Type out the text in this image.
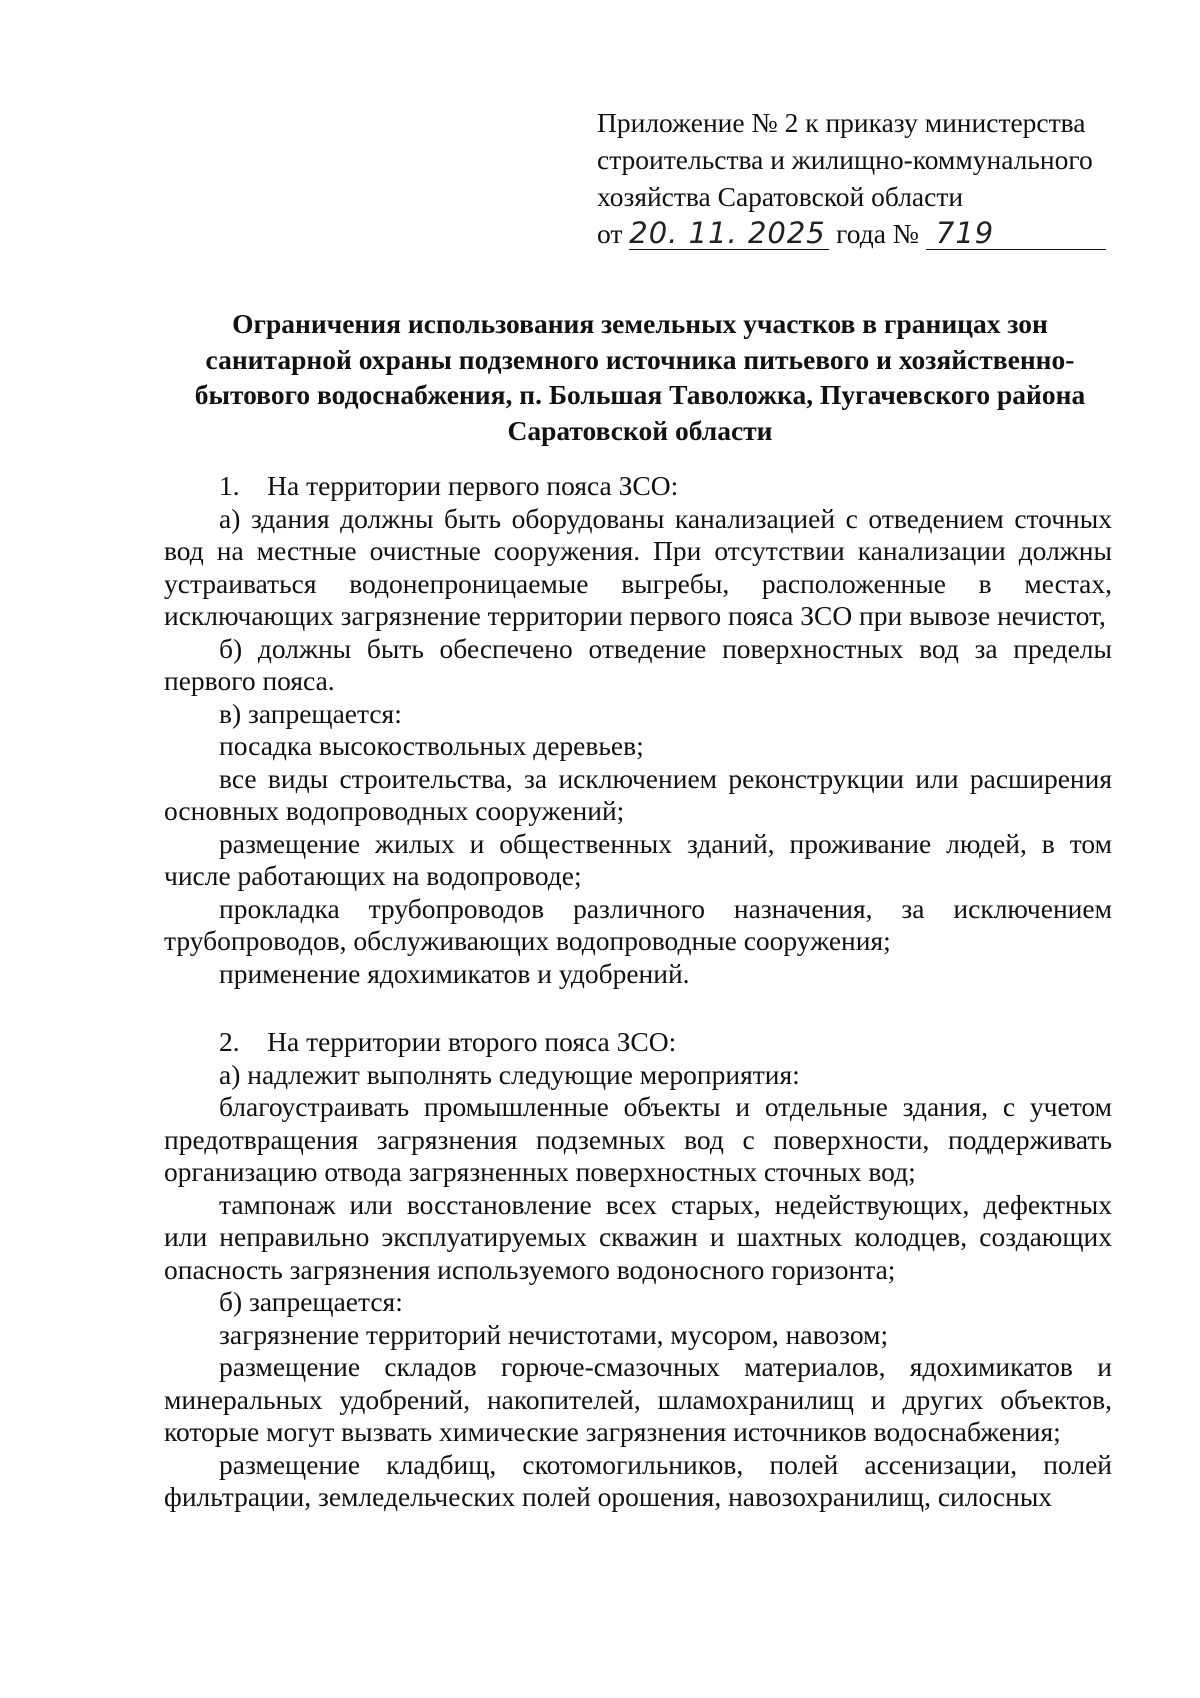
Приложение № 2 к приказу министерства
строительства и жилищно-коммунального
хозяйства Саратовской области
от 20. 11. 2025 года № 719
Ограничения использования земельных участков в границах зон
санитарной охраны подземного источника питьевого и хозяйственно-
бытового водоснабжения, п. Большая Таволожка, Пугачевского района
Саратовской области

1. На территории первого пояса ЗСО:

а) здания должны быть оборудованы канализацией с отведением сточных вод на местные очистные сооружения. При отсутствии канализации должны устраиваться водонепроницаемые выгребы, расположенные в местах, исключающих загрязнение территории первого пояса ЗСО при вывозе нечистот,

б) должны быть обеспечено отведение поверхностных вод за пределы первого пояса.

в) запрещается:

посадка высокоствольных деревьев;

все виды строительства, за исключением реконструкции или расширения основных водопроводных сооружений;

размещение жилых и общественных зданий, проживание людей, в том числе работающих на водопроводе;

прокладка трубопроводов различного назначения, за исключением трубопроводов, обслуживающих водопроводные сооружения;

применение ядохимикатов и удобрений.

2. На территории второго пояса ЗСО:

а) надлежит выполнять следующие мероприятия:

благоустраивать промышленные объекты и отдельные здания, с учетом предотвращения загрязнения подземных вод с поверхности, поддерживать организацию отвода загрязненных поверхностных сточных вод;

тампонаж или восстановление всех старых, недействующих, дефектных или неправильно эксплуатируемых скважин и шахтных колодцев, создающих опасность загрязнения используемого водоносного горизонта;

б) запрещается:

загрязнение территорий нечистотами, мусором, навозом;

размещение складов горюче-смазочных материалов, ядохимикатов и минеральных удобрений, накопителей, шламохранилищ и других объектов, которые могут вызвать химические загрязнения источников водоснабжения;

размещение кладбищ, скотомогильников, полей ассенизации, полей фильтрации, земледельческих полей орошения, навозохранилищ, силосных
